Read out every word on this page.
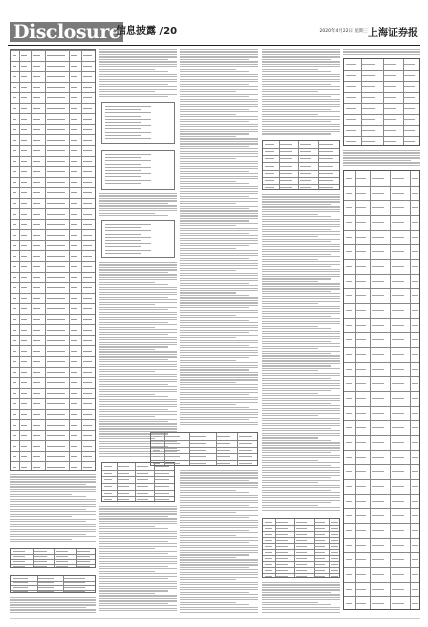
Disclosure
信息披露 /20	2020年4月22日 星期三 上海证券报
